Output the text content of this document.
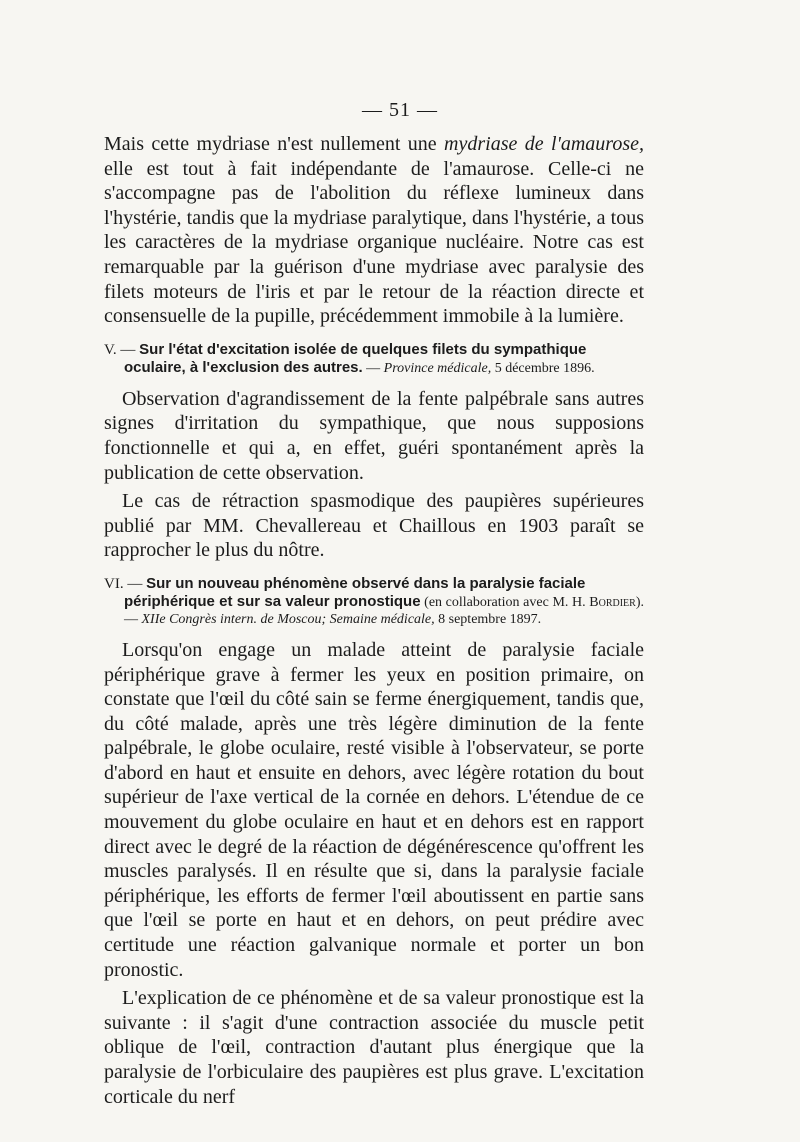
— 51 —

Mais cette mydriase n'est nullement une mydriase de l'amaurose, elle est tout à fait indépendante de l'amaurose. Celle-ci ne s'accompagne pas de l'abolition du réflexe lumineux dans l'hystérie, tandis que la mydriase paralytique, dans l'hystérie, a tous les caractères de la mydriase organique nucléaire. Notre cas est remarquable par la guérison d'une mydriase avec paralysie des filets moteurs de l'iris et par le retour de la réaction directe et consensuelle de la pupille, précédemment immobile à la lumière.

V. — Sur l'état d'excitation isolée de quelques filets du sympathique
oculaire, à l'exclusion des autres. — Province médicale, 5 décembre 1896.

Observation d'agrandissement de la fente palpébrale sans autres signes d'irritation du sympathique, que nous supposions fonctionnelle et qui a, en effet, guéri spontanément après la publication de cette observation.

Le cas de rétraction spasmodique des paupières supérieures publié par MM. Chevallereau et Chaillous en 1903 paraît se rapprocher le plus du nôtre.

VI. — Sur un nouveau phénomène observé dans la paralysie faciale
périphérique et sur sa valeur pronostique (en collaboration avec M. H. Bordier). — XIIe Congrès intern. de Moscou; Semaine médicale, 8 septembre 1897.

Lorsqu'on engage un malade atteint de paralysie faciale périphérique grave à fermer les yeux en position primaire, on constate que l'œil du côté sain se ferme énergiquement, tandis que, du côté malade, après une très légère diminution de la fente palpébrale, le globe oculaire, resté visible à l'observateur, se porte d'abord en haut et ensuite en dehors, avec légère rotation du bout supérieur de l'axe vertical de la cornée en dehors. L'étendue de ce mouvement du globe oculaire en haut et en dehors est en rapport direct avec le degré de la réaction de dégénérescence qu'offrent les muscles paralysés. Il en résulte que si, dans la paralysie faciale périphérique, les efforts de fermer l'œil aboutissent en partie sans que l'œil se porte en haut et en dehors, on peut prédire avec certitude une réaction galvanique normale et porter un bon pronostic.

L'explication de ce phénomène et de sa valeur pronostique est la suivante : il s'agit d'une contraction associée du muscle petit oblique de l'œil, contraction d'autant plus énergique que la paralysie de l'orbiculaire des paupières est plus grave. L'excitation corticale du nerf
